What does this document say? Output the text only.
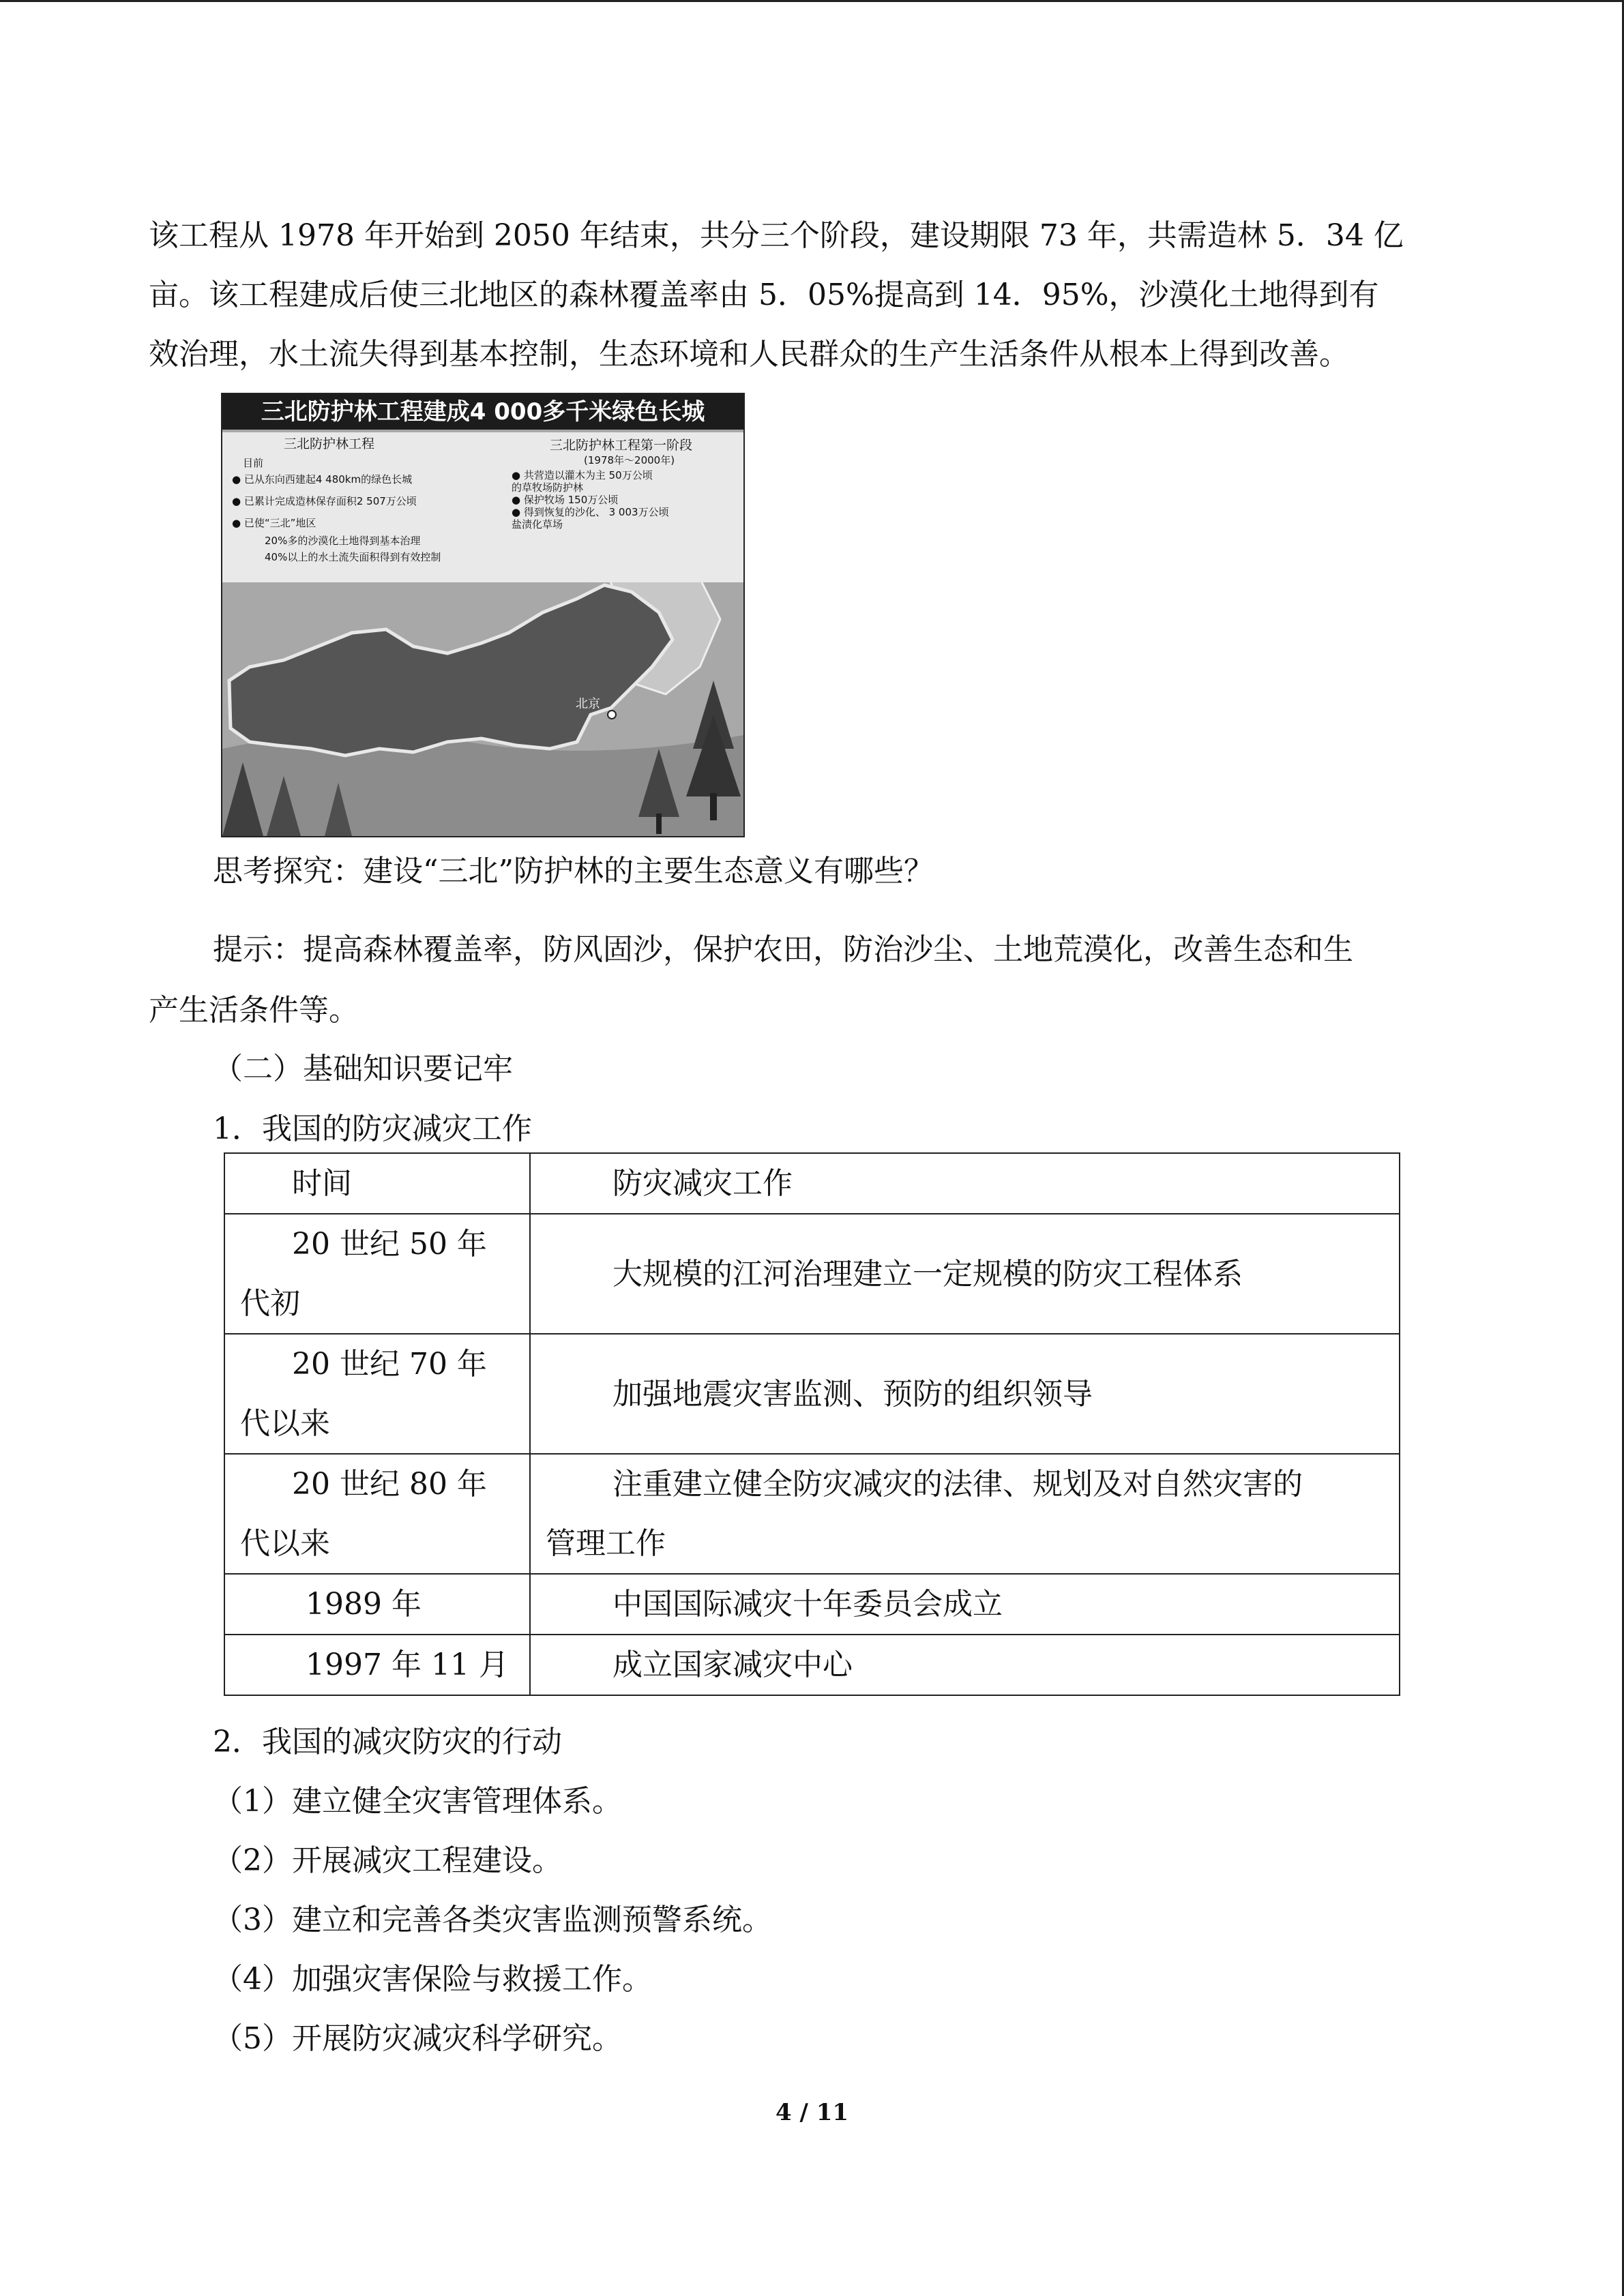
该工程从 1978 年开始到 2050 年结束，共分三个阶段，建设期限 73 年，共需造林 5．34 亿

亩。该工程建成后使三北地区的森林覆盖率由 5．05%提高到 14．95%，沙漠化土地得到有

效治理，水土流失得到基本控制，生态环境和人民群众的生产生活条件从根本上得到改善。

三北防护林工程建成4 000多千米绿色长城
三北防护林工程
目前
● 已从东向西建起4 480km的绿色长城
● 已累计完成造林保存面积2 507万公顷
● 已使“三北”地区
20%多的沙漠化土地得到基本治理
40%以上的水土流失面积得到有效控制
三北防护林工程第一阶段
(1978年～2000年)
● 共营造以灌木为主 50万公顷
的草牧场防护林
● 保护牧场 150万公顷
● 得到恢复的沙化、 3 003万公顷
盐渍化草场
北京
思考探究：建设“三北”防护林的主要生态意义有哪些？
提示：提高森林覆盖率，防风固沙，保护农田，防治沙尘、土地荒漠化，改善生态和生
产生活条件等。
（二）基础知识要记牢
1．我国的防灾减灾工作
时间	防灾减灾工作
20 世纪 50 年
代初	大规模的江河治理建立一定规模的防灾工程体系
20 世纪 70 年
代以来	加强地震灾害监测、预防的组织领导
20 世纪 80 年
代以来	注重建立健全防灾减灾的法律、规划及对自然灾害的
管理工作
1989 年	中国国际减灾十年委员会成立
1997 年 11 月	成立国家减灾中心
2．我国的减灾防灾的行动
（1）建立健全灾害管理体系。
（2）开展减灾工程建设。
（3）建立和完善各类灾害监测预警系统。
（4）加强灾害保险与救援工作。
（5）开展防灾减灾科学研究。
4 / 11
